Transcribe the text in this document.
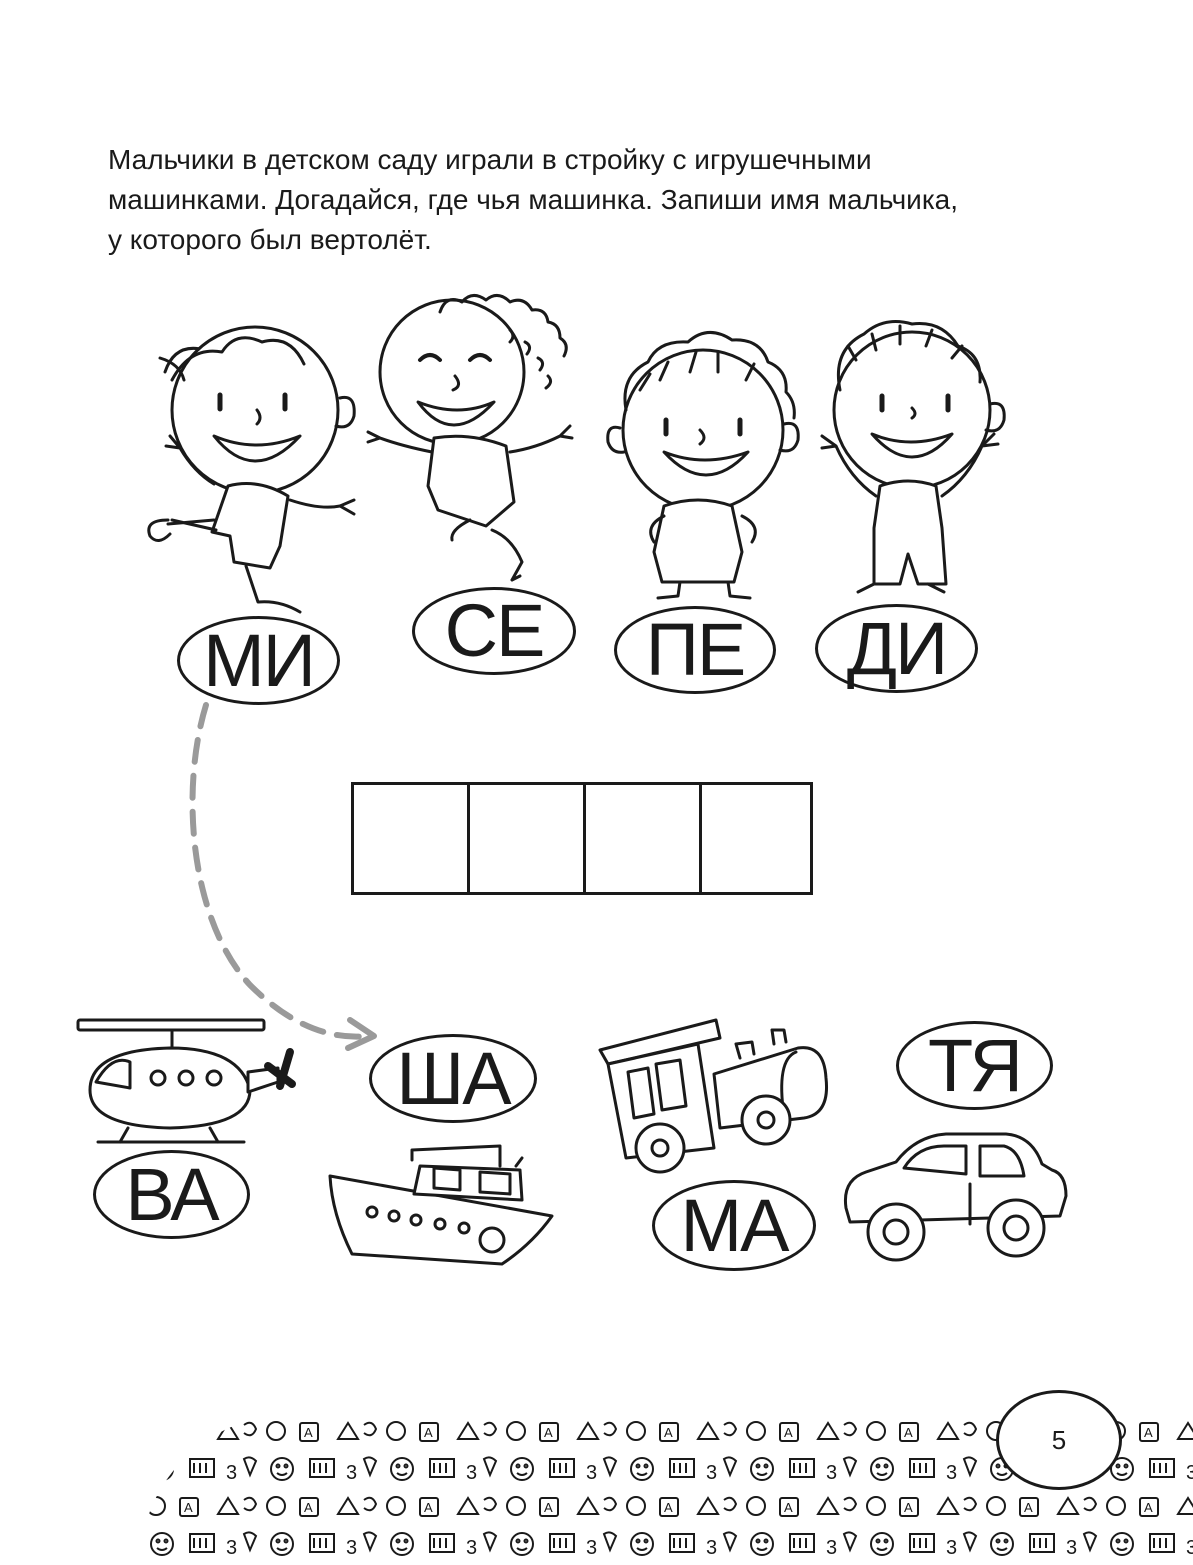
Мальчики в детском саду играли в стройку с игрушечными
машинками. Догадайся, где чья машинка. Запиши имя мальчика,
у которого был вертолёт.

МИ	СЕ	ПЕ	ДИ
ВА
ША
МА
ТЯ
5
